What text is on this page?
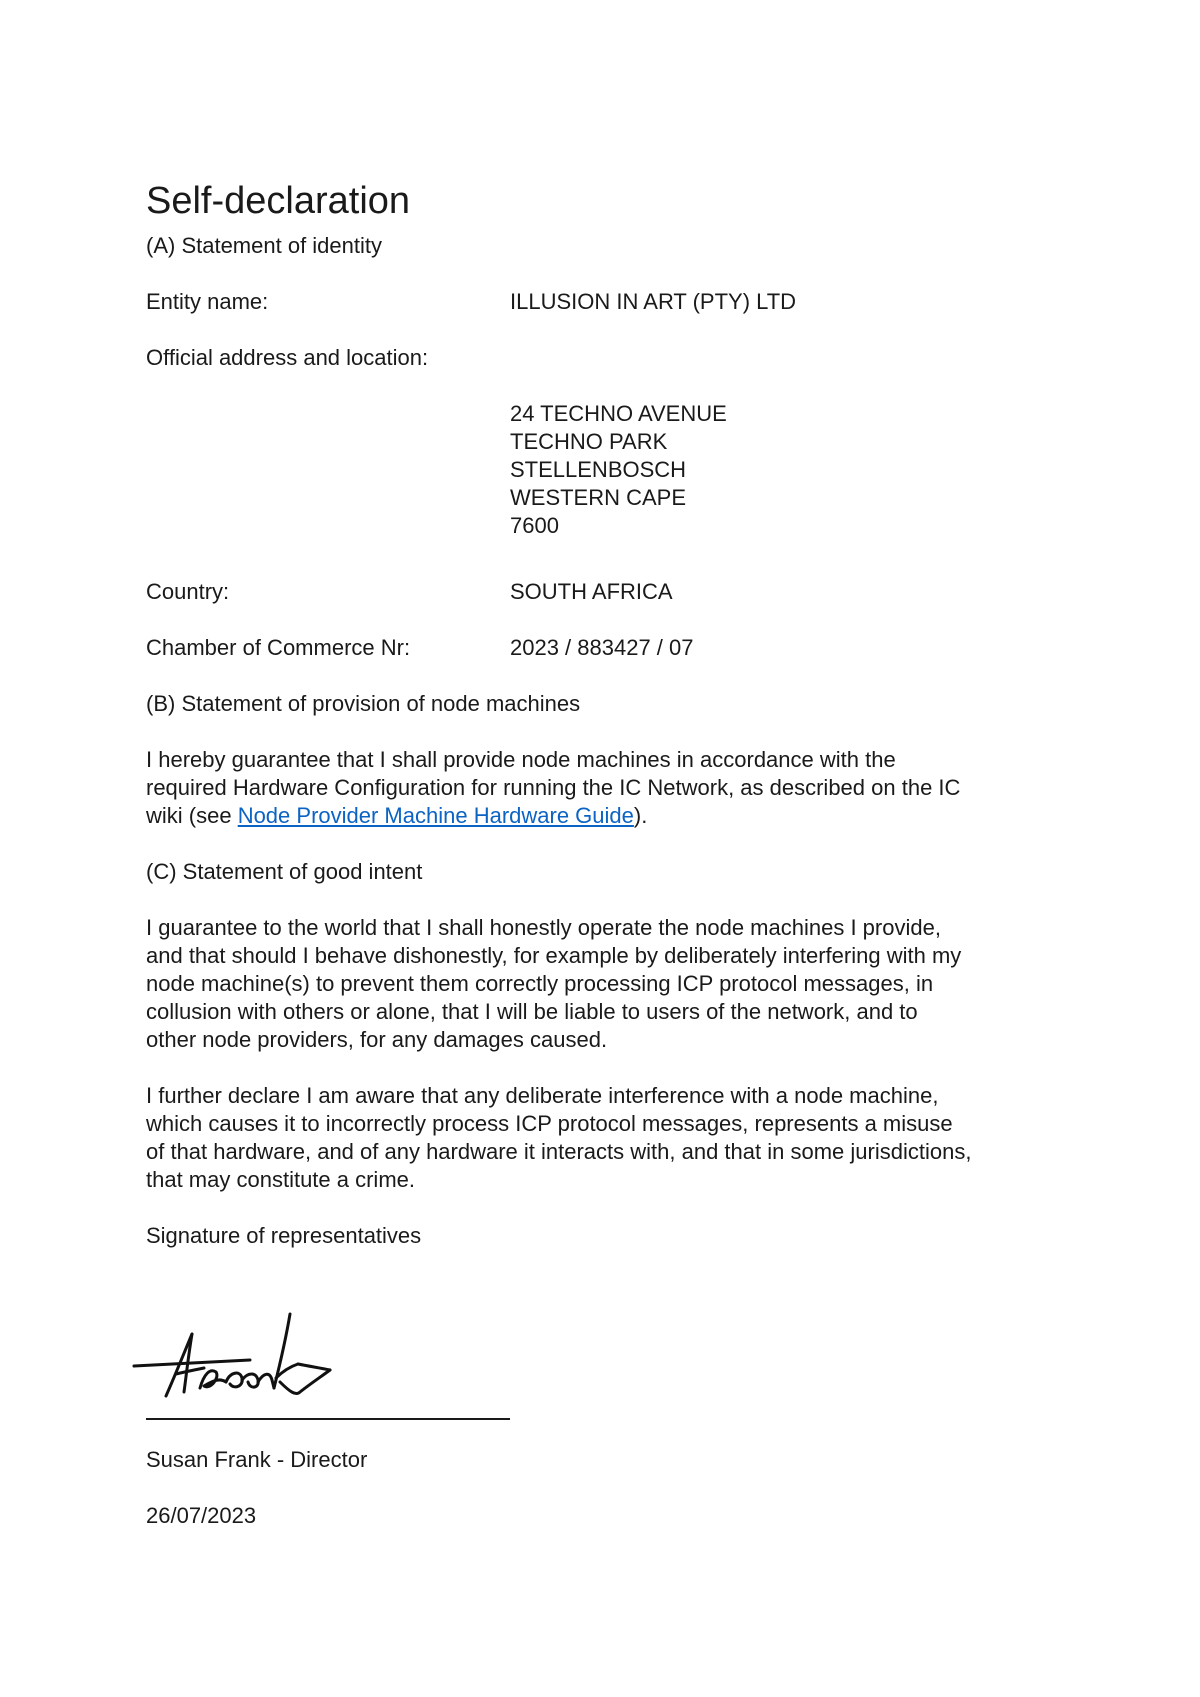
Self-declaration

(A) Statement of identity

Entity name:	ILLUSION IN ART (PTY) LTD

Official address and location:

24 TECHNO AVENUE
TECHNO PARK
STELLENBOSCH
WESTERN CAPE
7600

Country:	SOUTH AFRICA

Chamber of Commerce Nr:	2023 / 883427 / 07

(B) Statement of provision of node machines

I hereby guarantee that I shall provide node machines in accordance with the
required Hardware Configuration for running the IC Network, as described on the IC
wiki (see Node Provider Machine Hardware Guide).

(C) Statement of good intent

I guarantee to the world that I shall honestly operate the node machines I provide,
and that should I behave dishonestly, for example by deliberately interfering with my
node machine(s) to prevent them correctly processing ICP protocol messages, in
collusion with others or alone, that I will be liable to users of the network, and to
other node providers, for any damages caused.
I further declare I am aware that any deliberate interference with a node machine,
which causes it to incorrectly process ICP protocol messages, represents a misuse
of that hardware, and of any hardware it interacts with, and that in some jurisdictions,
that may constitute a crime.

Signature of representatives

Susan Frank - Director

26/07/2023
